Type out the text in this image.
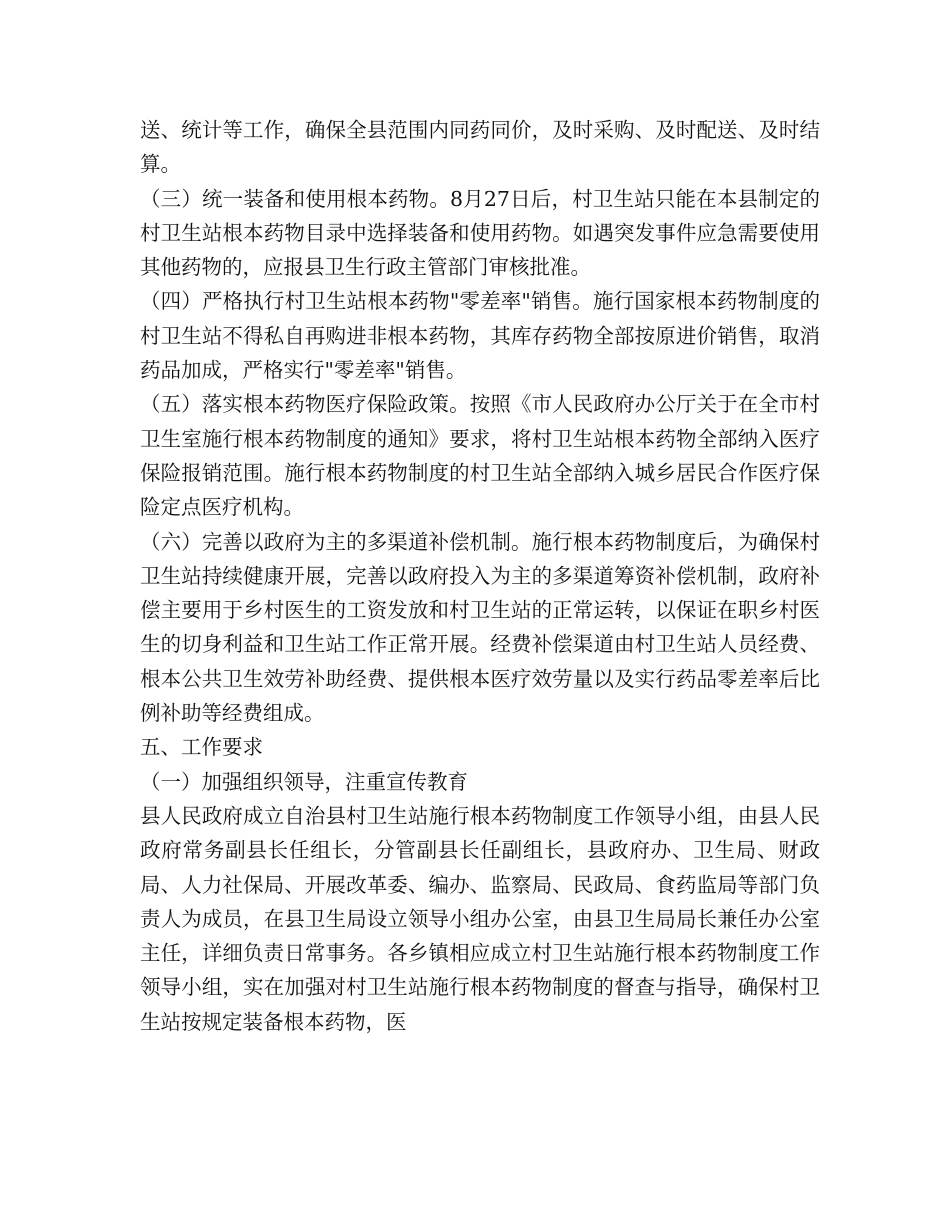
送、统计等工作，确保全县范围内同药同价，及时采购、及时配送、及时结算。

（三）统一装备和使用根本药物。8月27日后，村卫生站只能在本县制定的村卫生站根本药物目录中选择装备和使用药物。如遇突发事件应急需要使用其他药物的，应报县卫生行政主管部门审核批准。

（四）严格执行村卫生站根本药物"零差率"销售。施行国家根本药物制度的村卫生站不得私自再购进非根本药物，其库存药物全部按原进价销售，取消药品加成，严格实行"零差率"销售。

（五）落实根本药物医疗保险政策。按照《市人民政府办公厅关于在全市村卫生室施行根本药物制度的通知》要求，将村卫生站根本药物全部纳入医疗保险报销范围。施行根本药物制度的村卫生站全部纳入城乡居民合作医疗保险定点医疗机构。

（六）完善以政府为主的多渠道补偿机制。施行根本药物制度后，为确保村卫生站持续健康开展，完善以政府投入为主的多渠道筹资补偿机制，政府补偿主要用于乡村医生的工资发放和村卫生站的正常运转，以保证在职乡村医生的切身利益和卫生站工作正常开展。经费补偿渠道由村卫生站人员经费、根本公共卫生效劳补助经费、提供根本医疗效劳量以及实行药品零差率后比例补助等经费组成。

五、工作要求

（一）加强组织领导，注重宣传教育

县人民政府成立自治县村卫生站施行根本药物制度工作领导小组，由县人民政府常务副县长任组长，分管副县长任副组长，县政府办、卫生局、财政局、人力社保局、开展改革委、编办、监察局、民政局、食药监局等部门负责人为成员，在县卫生局设立领导小组办公室，由县卫生局局长兼任办公室主任，详细负责日常事务。各乡镇相应成立村卫生站施行根本药物制度工作领导小组，实在加强对村卫生站施行根本药物制度的督查与指导，确保村卫生站按规定装备根本药物，医
